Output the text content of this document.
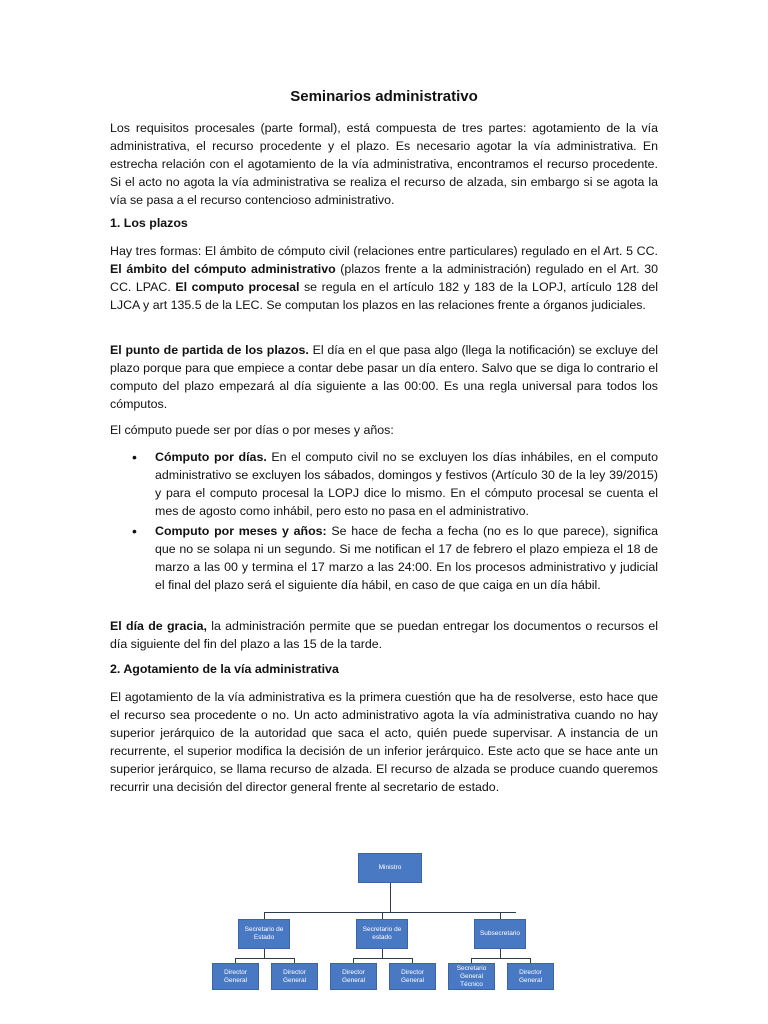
Seminarios administrativo

Los requisitos procesales (parte formal), está compuesta de tres partes: agotamiento de la vía administrativa, el recurso procedente y el plazo. Es necesario agotar la vía administrativa. En estrecha relación con el agotamiento de la vía administrativa, encontramos el recurso procedente. Si el acto no agota la vía administrativa se realiza el recurso de alzada, sin embargo si se agota la vía se pasa a el recurso contencioso administrativo.

1. Los plazos

Hay tres formas: El ámbito de cómputo civil (relaciones entre particulares) regulado en el Art. 5 CC. El ámbito del cómputo administrativo (plazos frente a la administración) regulado en el Art. 30 CC. LPAC. El computo procesal se regula en el artículo 182 y 183 de la LOPJ, artículo 128 del LJCA y art 135.5 de la LEC. Se computan los plazos en las relaciones frente a órganos judiciales.

El punto de partida de los plazos. El día en el que pasa algo (llega la notificación) se excluye del plazo porque para que empiece a contar debe pasar un día entero. Salvo que se diga lo contrario el computo del plazo empezará al día siguiente a las 00:00. Es una regla universal para todos los cómputos.

El cómputo puede ser por días o por meses y años:

• Cómputo por días. En el computo civil no se excluyen los días inhábiles, en el computo administrativo se excluyen los sábados, domingos y festivos (Artículo 30 de la ley 39/2015) y para el computo procesal la LOPJ dice lo mismo. En el cómputo procesal se cuenta el mes de agosto como inhábil, pero esto no pasa en el administrativo.
• Computo por meses y años: Se hace de fecha a fecha (no es lo que parece), significa que no se solapa ni un segundo. Si me notifican el 17 de febrero el plazo empieza el 18 de marzo a las 00 y termina el 17 marzo a las 24:00. En los procesos administrativo y judicial el final del plazo será el siguiente día hábil, en caso de que caiga en un día hábil.

El día de gracia, la administración permite que se puedan entregar los documentos o recursos el día siguiente del fin del plazo a las 15 de la tarde.

2. Agotamiento de la vía administrativa

El agotamiento de la vía administrativa es la primera cuestión que ha de resolverse, esto hace que el recurso sea procedente o no. Un acto administrativo agota la vía administrativa cuando no hay superior jerárquico de la autoridad que saca el acto, quién puede supervisar. A instancia de un recurrente, el superior modifica la decisión de un inferior jerárquico. Este acto que se hace ante un superior jerárquico, se llama recurso de alzada. El recurso de alzada se produce cuando queremos recurrir una decisión del director general frente al secretario de estado.

Ministro
Secretario de Estado
Secretario de estado
Subsecretario
Director General
Director General
Director General
Director General
Secretario General Técnico
Director General
